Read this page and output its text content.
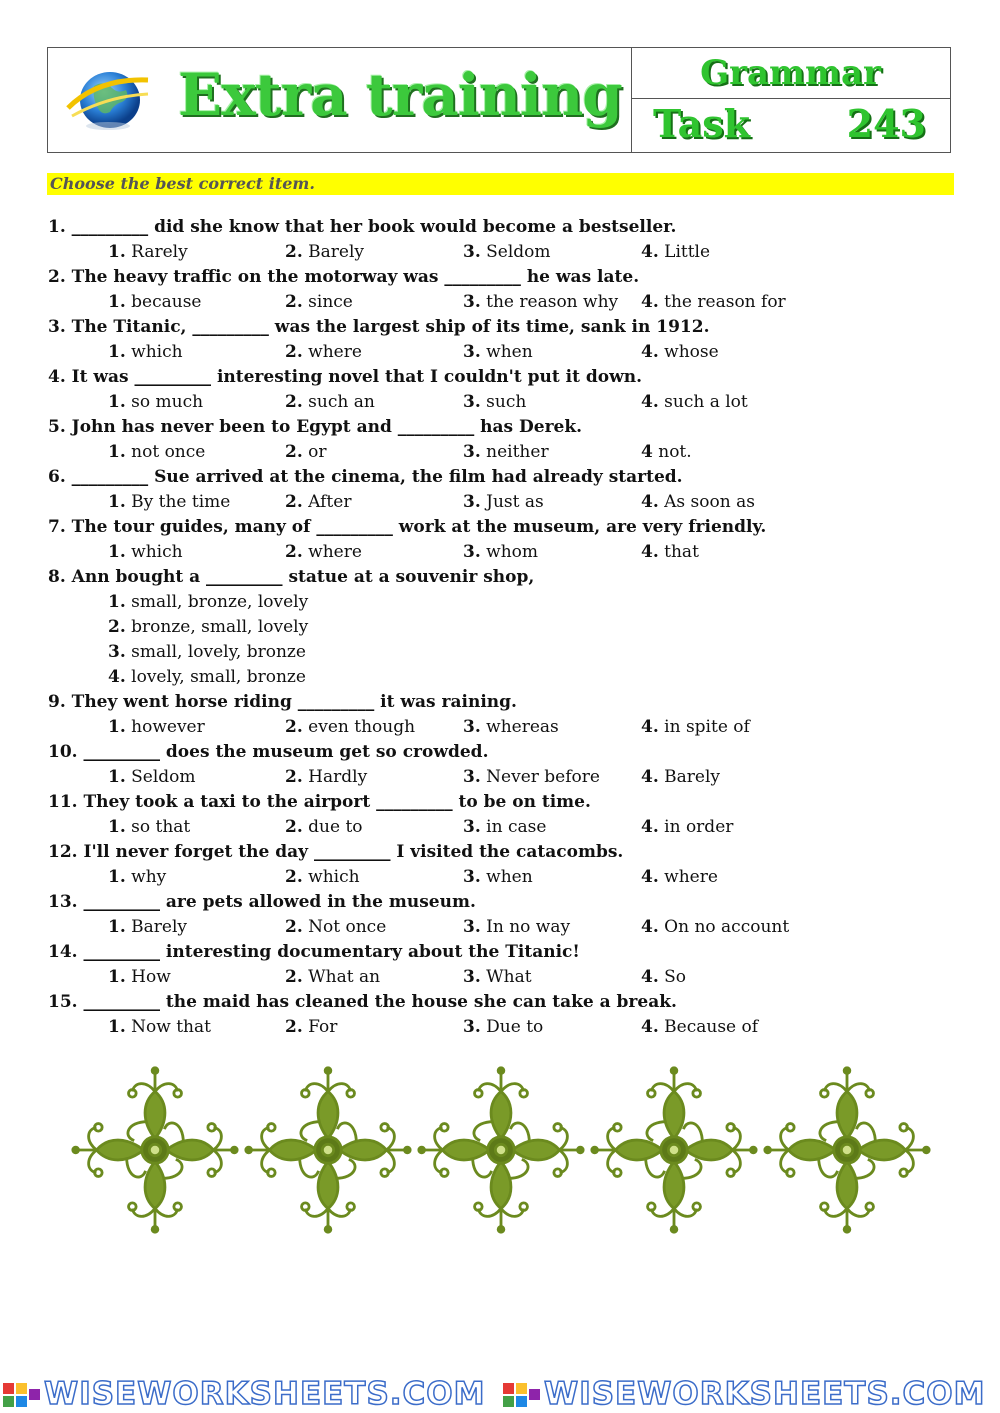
Extra training	Grammar
Task	243
Choose the best correct item.
1. _________ did she know that her book would become a bestseller.
1. Rarely	2. Barely	3. Seldom	4. Little
2. The heavy traffic on the motorway was _________ he was late.
1. because	2. since	3. the reason why 4. the reason for
3. The Titanic, _________ was the largest ship of its time, sank in 1912.
1. which	2. where	3. when	4. whose
4. It was _________ interesting novel that I couldn't put it down.
1. so much	2. such an	3. such	4. such a lot
5. John has never been to Egypt and _________ has Derek.
1. not once	2. or	3. neither	4 not.
6. _________ Sue arrived at the cinema, the film had already started.
1. By the time	2. After	3. Just as	4. As soon as
7. The tour guides, many of _________ work at the museum, are very friendly.
1. which	2. where	3. whom	4. that
8. Ann bought a _________ statue at a souvenir shop,
1. small, bronze, lovely
2. bronze, small, lovely
3. small, lovely, bronze
4. lovely, small, bronze
9. They went horse riding _________ it was raining.
1. however	2. even though	3. whereas	4. in spite of
10. _________ does the museum get so crowded.
1. Seldom	2. Hardly	3. Never before 4. Barely
11. They took a taxi to the airport _________ to be on time.
1. so that	2. due to	3. in case	4. in order
12. I'll never forget the day _________ I visited the catacombs.
1. why	2. which	3. when	4. where
13. _________ are pets allowed in the museum.
1. Barely	2. Not once	3. In no way	4. On no account
14. _________ interesting documentary about the Titanic!
1. How	2. What an	3. What	4. So
15. _________ the maid has cleaned the house she can take a break.
1. Now that	2. For	3. Due to	4. Because of
WISEWORKSHEETS.COM WISEWORKSHEETS.COM
